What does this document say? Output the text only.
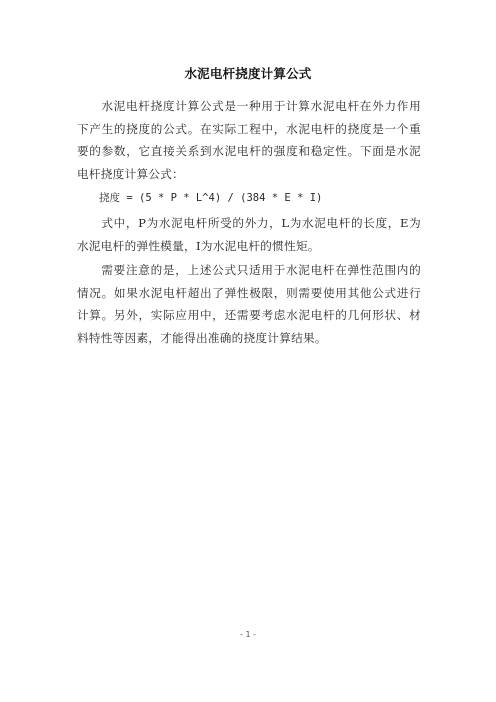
水泥电杆挠度计算公式

水泥电杆挠度计算公式是一种用于计算水泥电杆在外力作用下产生的挠度的公式。在实际工程中，水泥电杆的挠度是一个重要的参数，它直接关系到水泥电杆的强度和稳定性。下面是水泥电杆挠度计算公式：

挠度 = (5 * P * L^4) / (384 * E * I)

式中，P为水泥电杆所受的外力，L为水泥电杆的长度，E为水泥电杆的弹性模量，I为水泥电杆的惯性矩。

需要注意的是，上述公式只适用于水泥电杆在弹性范围内的情况。如果水泥电杆超出了弹性极限，则需要使用其他公式进行计算。另外，实际应用中，还需要考虑水泥电杆的几何形状、材料特性等因素，才能得出准确的挠度计算结果。

- 1 -
